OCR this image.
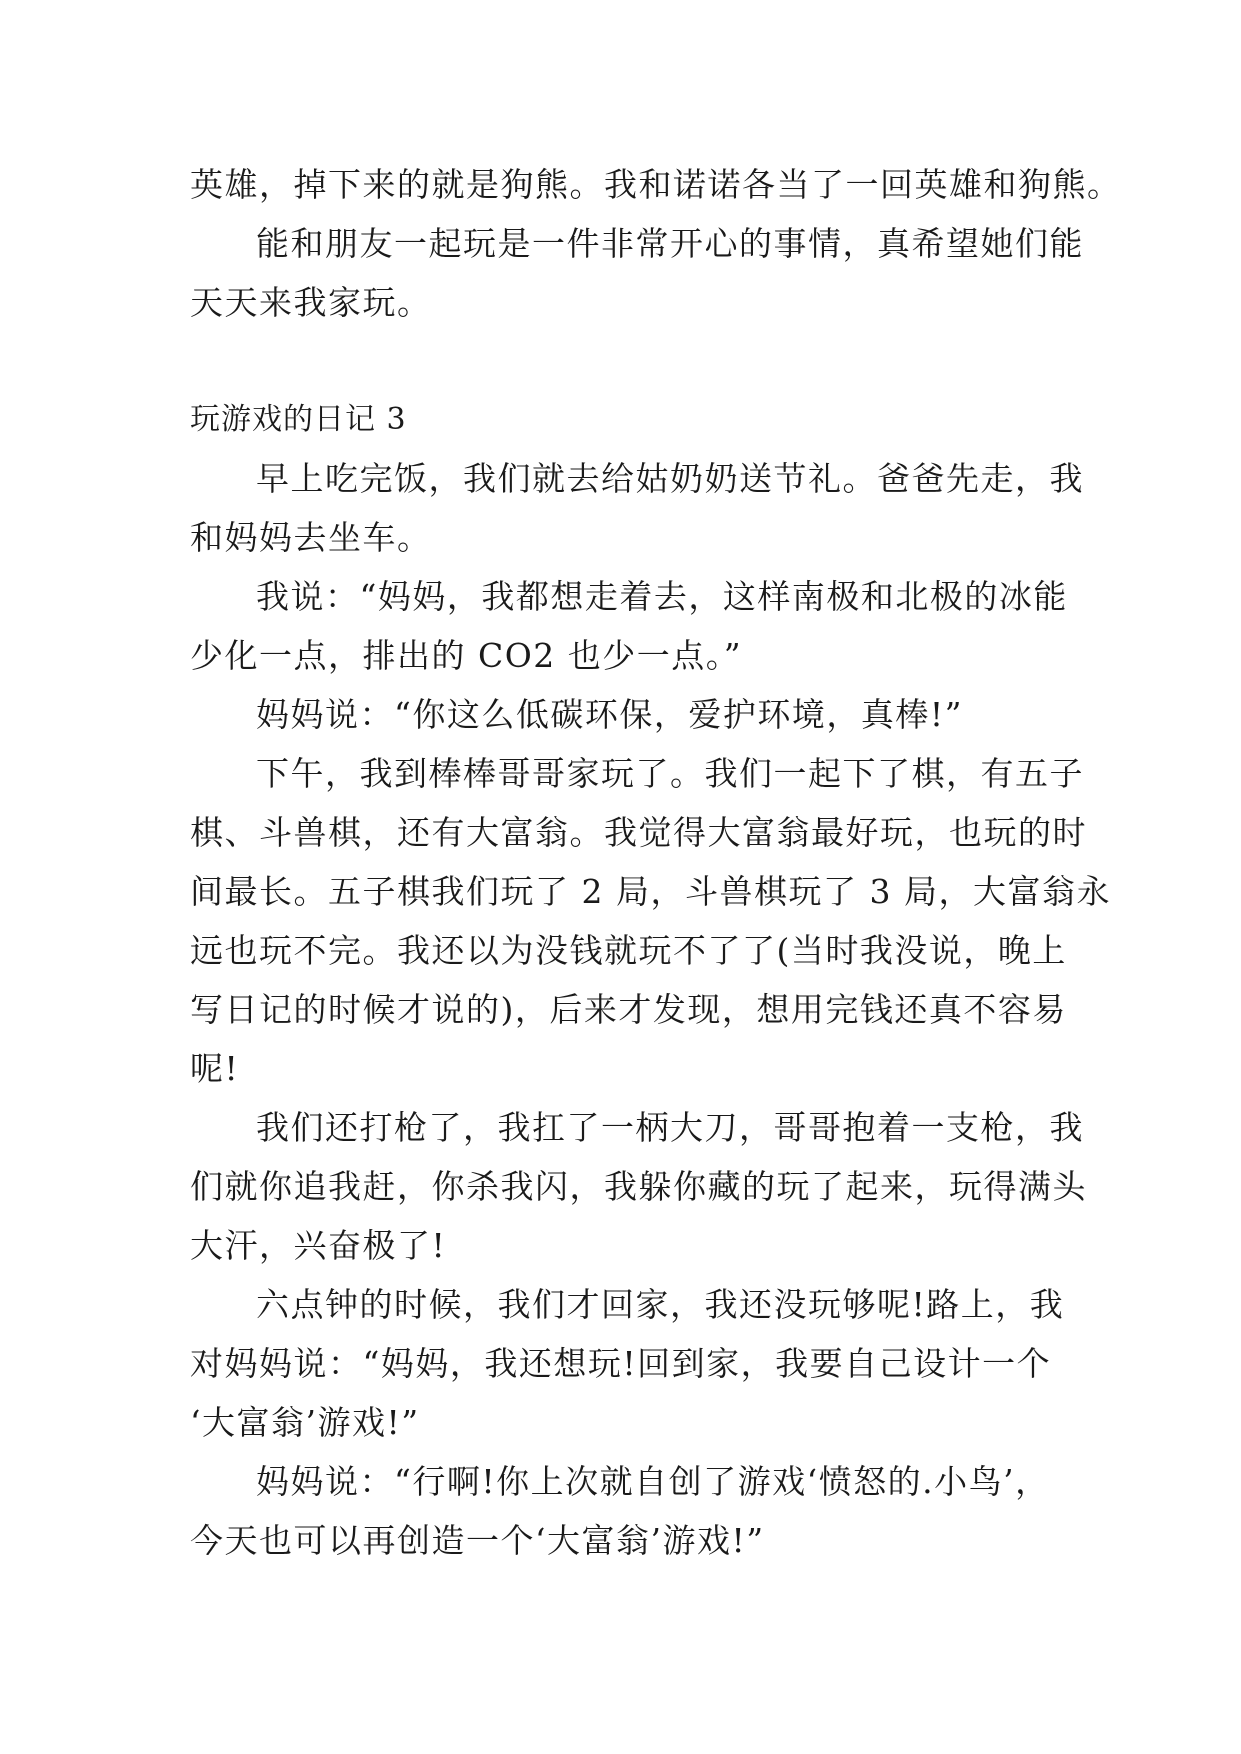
英雄，掉下来的就是狗熊。我和诺诺各当了一回英雄和狗熊。
能和朋友一起玩是一件非常开心的事情，真希望她们能
天天来我家玩。
玩游戏的日记 3
早上吃完饭，我们就去给姑奶奶送节礼。爸爸先走，我
和妈妈去坐车。
我说：“妈妈，我都想走着去，这样南极和北极的冰能
少化一点，排出的 CO2 也少一点。”
妈妈说：“你这么低碳环保，爱护环境，真棒!”
下午，我到棒棒哥哥家玩了。我们一起下了棋，有五子
棋、斗兽棋，还有大富翁。我觉得大富翁最好玩，也玩的时
间最长。五子棋我们玩了 2 局，斗兽棋玩了 3 局，大富翁永
远也玩不完。我还以为没钱就玩不了了(当时我没说，晚上
写日记的时候才说的)，后来才发现，想用完钱还真不容易
呢!
我们还打枪了，我扛了一柄大刀，哥哥抱着一支枪，我
们就你追我赶，你杀我闪，我躲你藏的玩了起来，玩得满头
大汗，兴奋极了!
六点钟的时候，我们才回家，我还没玩够呢!路上，我
对妈妈说：“妈妈，我还想玩!回到家，我要自己设计一个
‘大富翁’游戏!”
妈妈说：“行啊!你上次就自创了游戏‘愤怒的.小鸟’，
今天也可以再创造一个‘大富翁’游戏!”
